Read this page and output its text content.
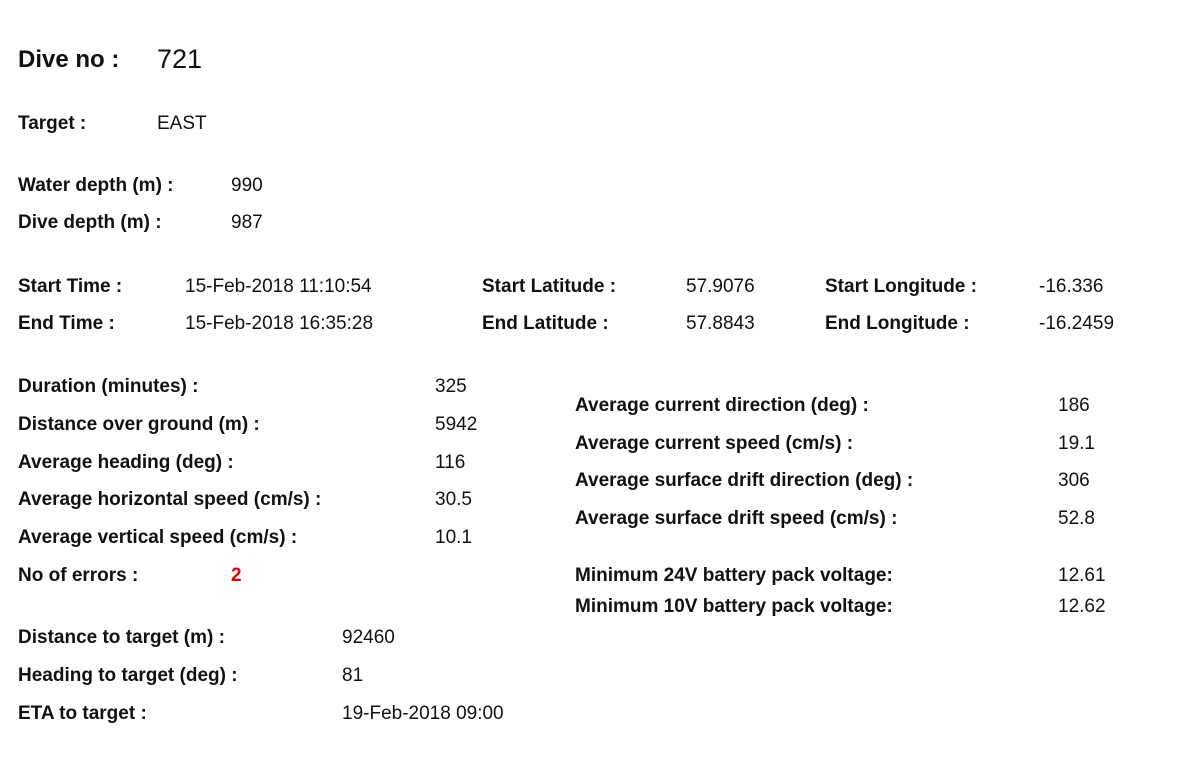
Dive no : 721
Target :	EAST
Water depth (m) :	990
Dive depth (m) :	987
Start Time :	15-Feb-2018 11:10:54
End Time :	15-Feb-2018 16:35:28
Start Latitude :	57.9076
End Latitude :	57.8843
Start Longitude :	-16.336
End Longitude :	-16.2459
Duration (minutes) :	325
Distance over ground (m) :	5942
Average heading (deg) :	116
Average horizontal speed (cm/s) :	30.5
Average vertical speed (cm/s) :	10.1
No of errors :	2
Average current direction (deg) :	186
Average current speed (cm/s) :	19.1
Average surface drift direction (deg) :	306
Average surface drift speed (cm/s) :	52.8
Minimum 24V battery pack voltage:	12.61
Minimum 10V battery pack voltage:	12.62
Distance to target (m) :	92460
Heading to target (deg) :	81
ETA to target :	19-Feb-2018 09:00
